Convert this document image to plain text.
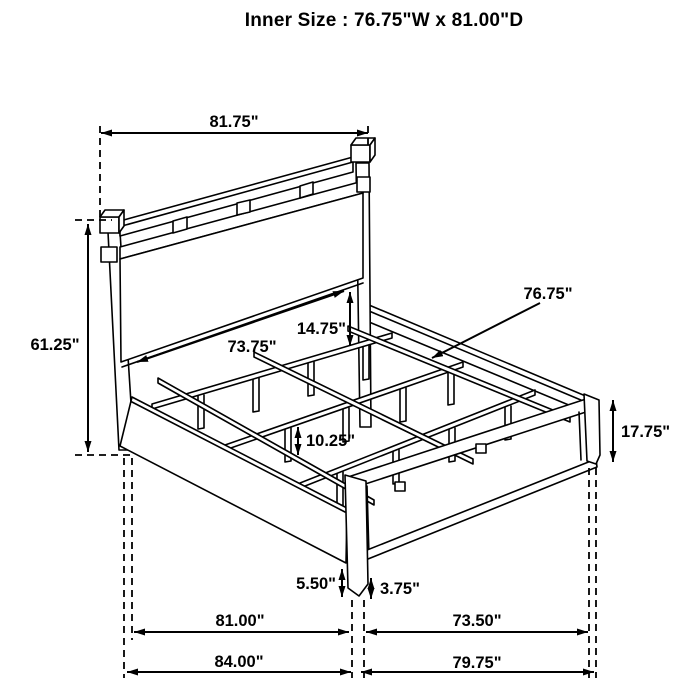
Inner Size : 76.75"W x 81.00"D
81.75"
61.25"	73.75"
14.75"
76.75"
10.25"	17.75"
5.50"	3.75"
81.00"	73.50"
84.00"	79.75"
